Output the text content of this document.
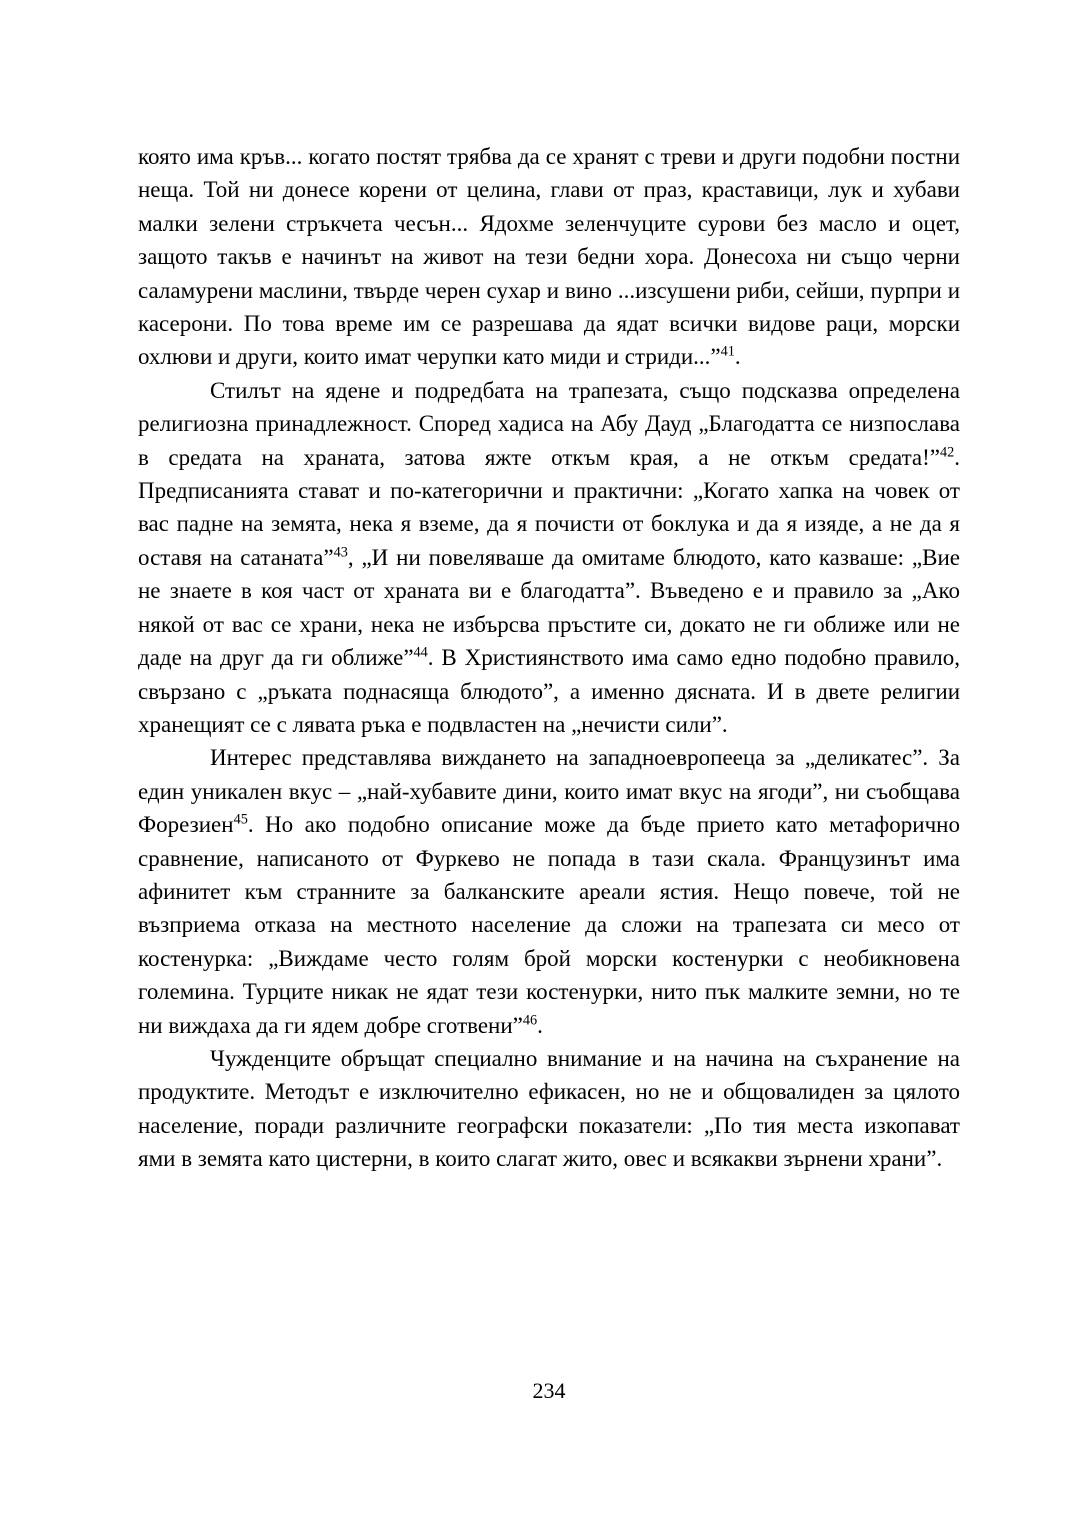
която има кръв... когато постят трябва да се хранят с треви и други подобни постни неща. Той ни донесе корени от целина, глави от праз, краставици, лук и хубави малки зелени стръкчета чесън... Ядохме зеленчуците сурови без масло и оцет, защото такъв е начинът на живот на тези бедни хора. Донесоха ни също черни саламурени маслини, твърде черен сухар и вино ...изсушени риби, сейши, пурпри и касерони. По това време им се разрешава да ядат всички видове раци, морски охлюви и други, които имат черупки като миди и стриди...”$^{41}$.

Стилът на ядене и подредбата на трапезата, също подсказва определена религиозна принадлежност. Според хадиса на Абу Дауд „Благодатта се низпослава в средата на храната, затова яжте откъм края, а не откъм средата!”$^{42}$. Предписанията стават и по-категорични и практични: „Когато хапка на човек от вас падне на земята, нека я вземе, да я почисти от боклука и да я изяде, а не да я оставя на сатаната”$^{43}$, „И ни повеляваше да омитаме блюдото, като казваше: „Вие не знаете в коя част от храната ви е благодатта”. Въведено е и правило за „Ако някой от вас се храни, нека не избърсва пръстите си, докато не ги оближе или не даде на друг да ги оближе”$^{44}$. В Християнството има само едно подобно правило, свързано с „ръката поднасяща блюдото”, а именно дясната. И в двете религии хранещият се с лявата ръка е подвластен на „нечисти сили”.

Интерес представлява виждането на западноевропееца за „деликатес”. За един уникален вкус – „най-хубавите дини, които имат вкус на ягоди”, ни съобщава Форезиен$^{45}$. Но ако подобно описание може да бъде прието като метафорично сравнение, написаното от Фуркево не попада в тази скала. Французинът има афинитет към странните за балканските ареали ястия. Нещо повече, той не възприема отказа на местното население да сложи на трапезата си месо от костенурка: „Виждаме често голям брой морски костенурки с необикновена големина. Турците никак не ядат тези костенурки, нито пък малките земни, но те ни виждаха да ги ядем добре сготвени”$^{46}$.

Чужденците обръщат специално внимание и на начина на съхранение на продуктите. Методът е изключително ефикасен, но не и общовалиден за цялото население, поради различните географски показатели: „По тия места изкопават ями в земята като цистерни, в които слагат жито, овес и всякакви зърнени храни”.

234
